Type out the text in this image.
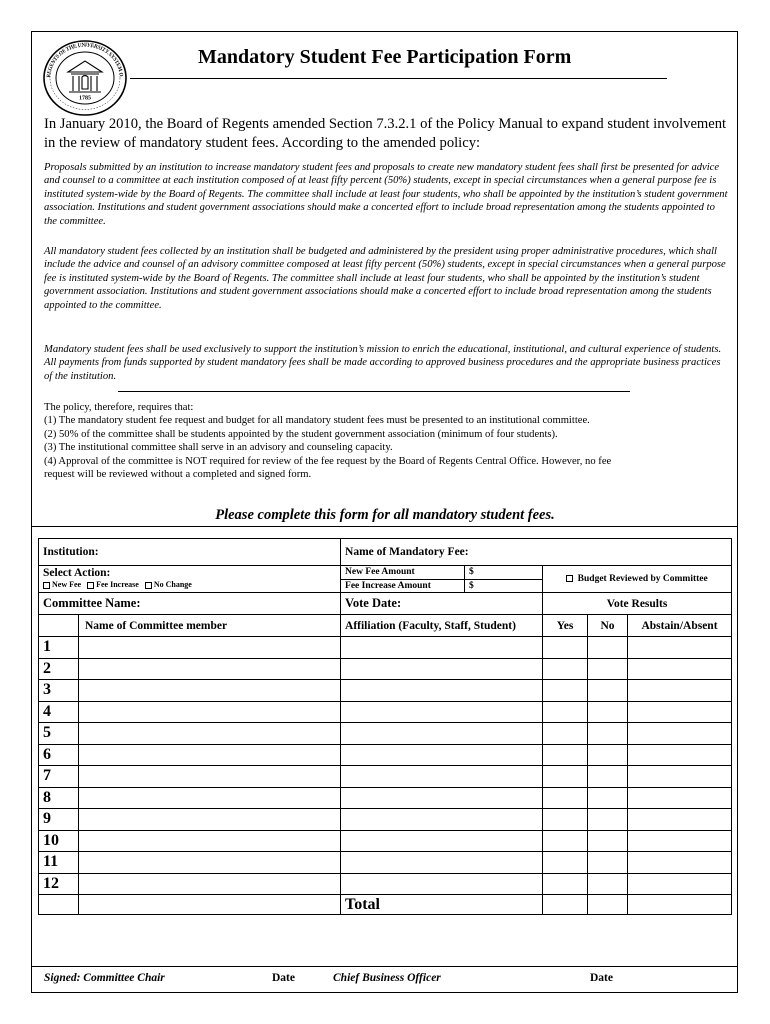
1785
REGENTS OF THE UNIVERSITY SYSTEM O
Mandatory Student Fee Participation Form
In January 2010, the Board of Regents amended Section 7.3.2.1 of the Policy Manual to expand student involvement in the review of mandatory student fees. According to the amended policy:
Proposals submitted by an institution to increase mandatory student fees and proposals to create new mandatory student fees shall first be presented for advice and counsel to a committee at each institution composed of at least fifty percent (50%) students, except in special circumstances when a general purpose fee is instituted system-wide by the Board of Regents. The committee shall include at least four students, who shall be appointed by the institution’s student government association. Institutions and student government associations should make a concerted effort to include broad representation among the students appointed to the committee.
All mandatory student fees collected by an institution shall be budgeted and administered by the president using proper administrative procedures, which shall include the advice and counsel of an advisory committee composed at least fifty percent (50%) students, except in special circumstances when a general purpose fee is instituted system-wide by the Board of Regents. The committee shall include at least four students, who shall be appointed by the institution’s student government association. Institutions and student government associations should make a concerted effort to include broad representation among the students appointed to the committee.
Mandatory student fees shall be used exclusively to support the institution’s mission to enrich the educational, institutional, and cultural experience of students. All payments from funds supported by student mandatory fees shall be made according to approved business procedures and the appropriate business practices of the institution.
The policy, therefore, requires that:
(1) The mandatory student fee request and budget for all mandatory student fees must be presented to an institutional committee.
(2) 50% of the committee shall be students appointed by the student government association (minimum of four students).
(3) The institutional committee shall serve in an advisory and counseling capacity.
(4) Approval of the committee is NOT required for review of the fee request by the Board of Regents Central Office. However, no fee
request will be reviewed without a completed and signed form.
Please complete this form for all mandatory student fees.
Institution:	Name of Mandatory Fee:

Select Action:
New Fee Fee Increase No Change

New Fee Amount	$
Fee Increase Amount	$
	Budget Reviewed by Committee
Committee Name:	Vote Date:	Vote Results
	Name of Committee member	Affiliation (Faculty, Staff, Student)	Yes	No	Abstain/Absent
1					
2					
3					
4					
5					
6					
7					
8					
9					
10					
11					
12					
		Total			
Signed: Committee Chair	Date	Chief Business Officer	Date
